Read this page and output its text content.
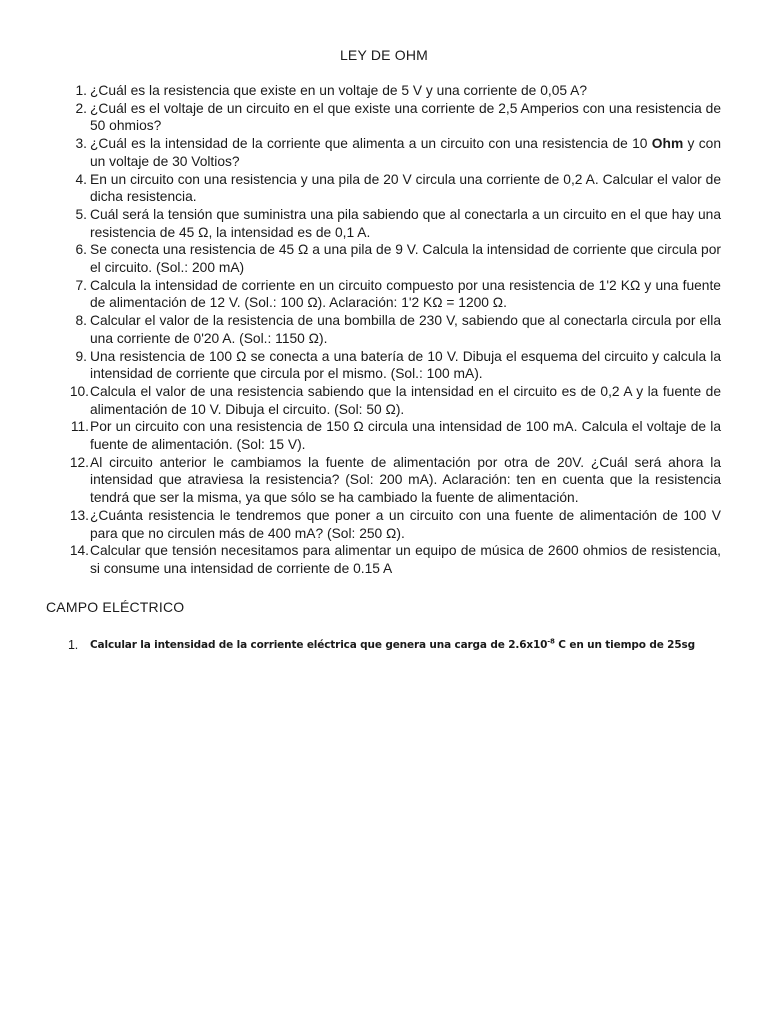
LEY DE OHM
1. ¿Cuál es la resistencia que existe en un voltaje de 5 V y una corriente de 0,05 A?
2. ¿Cuál es el voltaje de un circuito en el que existe una corriente de 2,5 Amperios con una resistencia de 50 ohmios?
3. ¿Cuál es la intensidad de la corriente que alimenta a un circuito con una resistencia de 10 Ohm y con un voltaje de 30 Voltios?
4. En un circuito con una resistencia y una pila de 20 V circula una corriente de 0,2 A. Calcular el valor de dicha resistencia.
5. Cuál será la tensión que suministra una pila sabiendo que al conectarla a un circuito en el que hay una resistencia de 45 Ω, la intensidad es de 0,1 A.
6. Se conecta una resistencia de 45 Ω a una pila de 9 V. Calcula la intensidad de corriente que circula por el circuito. (Sol.: 200 mA)
7. Calcula la intensidad de corriente en un circuito compuesto por una resistencia de 1'2 KΩ y una fuente de alimentación de 12 V. (Sol.: 100 Ω). Aclaración: 1'2 KΩ = 1200 Ω.
8. Calcular el valor de la resistencia de una bombilla de 230 V, sabiendo que al conectarla circula por ella una corriente de 0'20 A. (Sol.: 1150 Ω).
9. Una resistencia de 100 Ω se conecta a una batería de 10 V. Dibuja el esquema del circuito y calcula la intensidad de corriente que circula por el mismo. (Sol.: 100 mA).
10. Calcula el valor de una resistencia sabiendo que la intensidad en el circuito es de 0,2 A y la fuente de alimentación de 10 V. Dibuja el circuito. (Sol: 50 Ω).
11. Por un circuito con una resistencia de 150 Ω circula una intensidad de 100 mA. Calcula el voltaje de la fuente de alimentación. (Sol: 15 V).
12. Al circuito anterior le cambiamos la fuente de alimentación por otra de 20V. ¿Cuál será ahora la intensidad que atraviesa la resistencia? (Sol: 200 mA). Aclaración: ten en cuenta que la resistencia tendrá que ser la misma, ya que sólo se ha cambiado la fuente de alimentación.
13. ¿Cuánta resistencia le tendremos que poner a un circuito con una fuente de alimentación de 100 V para que no circulen más de 400 mA? (Sol: 250 Ω).
14. Calcular que tensión necesitamos para alimentar un equipo de música de 2600 ohmios de resistencia, si consume una intensidad de corriente de 0.15 A
CAMPO ELÉCTRICO
1. Calcular la intensidad de la corriente eléctrica que genera una carga de $2.6x10^{-8}$ C en un tiempo de 25sg
